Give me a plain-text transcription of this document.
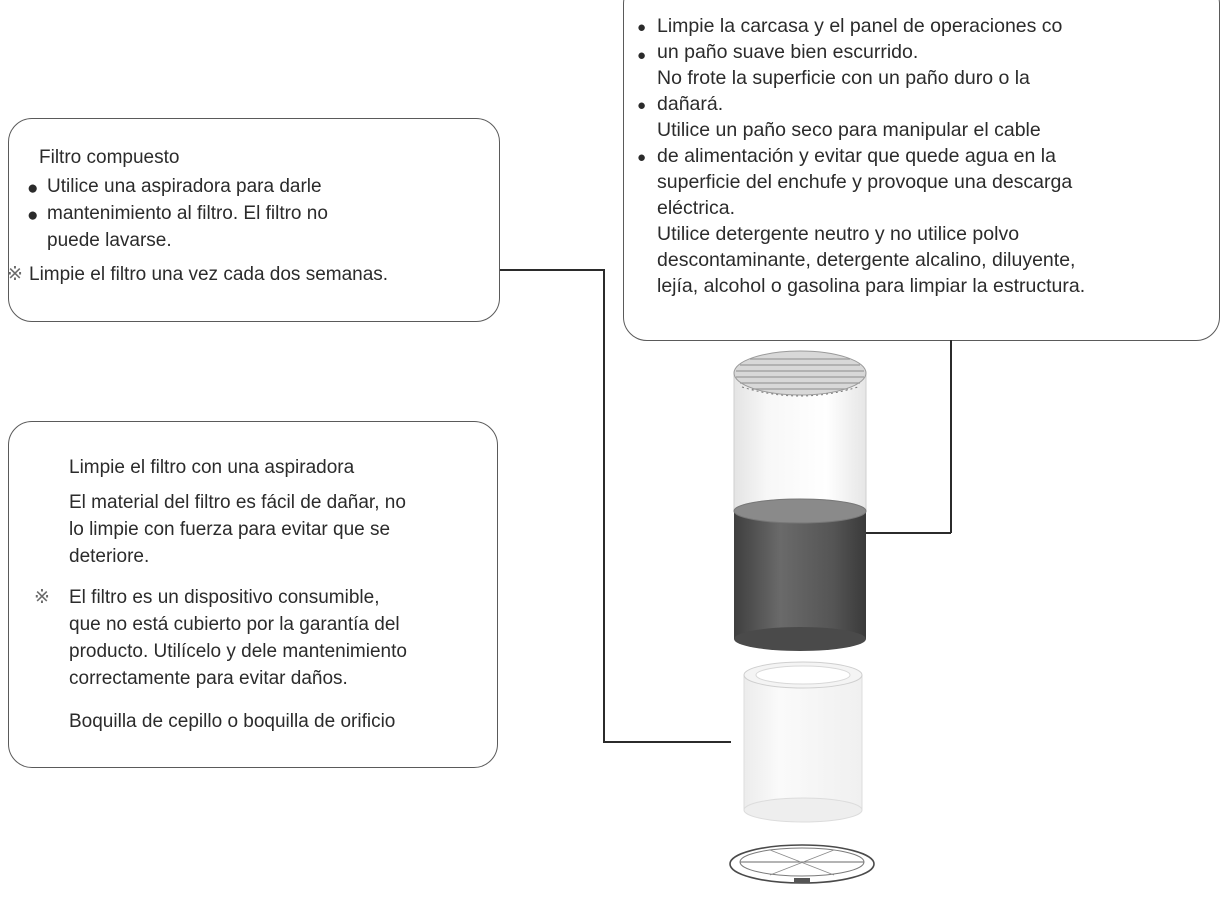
Filtro compuesto
● Utilice una aspiradora para darle
● mantenimiento al filtro. El filtro no
puede lavarse.
※ Limpie el filtro una vez cada dos semanas.
Limpie el filtro con una aspiradora
El material del filtro es fácil de dañar, no
lo limpie con fuerza para evitar que se
deteriore.
※ El filtro es un dispositivo consumible,
que no está cubierto por la garantía del
producto. Utilícelo y dele mantenimiento
correctamente para evitar daños.
Boquilla de cepillo o boquilla de orificio
● Limpie la carcasa y el panel de operaciones co
● un paño suave bien escurrido.
No frote la superficie con un paño duro o la
● dañará.
Utilice un paño seco para manipular el cable
● de alimentación y evitar que quede agua en la
superficie del enchufe y provoque una descarga
eléctrica.
Utilice detergente neutro y no utilice polvo
descontaminante, detergente alcalino, diluyente,
lejía, alcohol o gasolina para limpiar la estructura.
